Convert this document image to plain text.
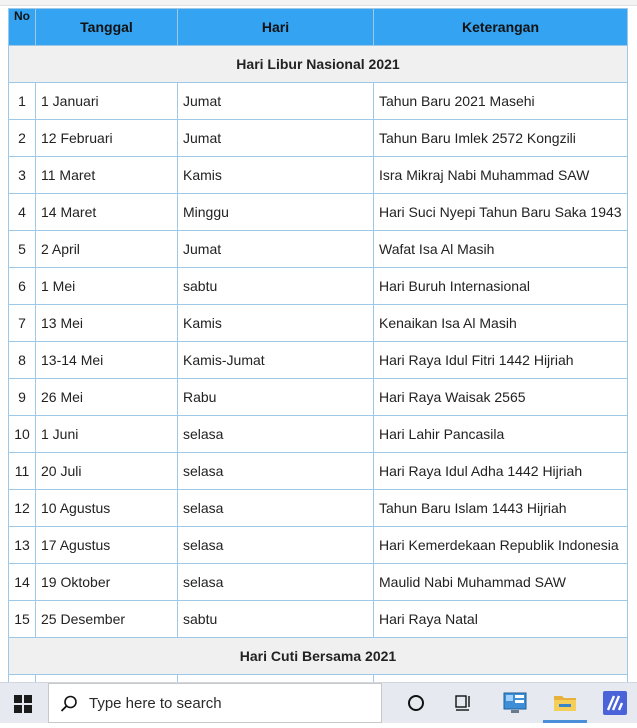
No	Tanggal	Hari	Keterangan
Hari Libur Nasional 2021			
1	1 Januari	Jumat	Tahun Baru 2021 Masehi
2	12 Februari	Jumat	Tahun Baru Imlek 2572 Kongzili
3	11 Maret	Kamis	Isra Mikraj Nabi Muhammad SAW
4	14 Maret	Minggu	Hari Suci Nyepi Tahun Baru Saka 1943
5	2 April	Jumat	Wafat Isa Al Masih
6	1 Mei	sabtu	Hari Buruh Internasional
7	13 Mei	Kamis	Kenaikan Isa Al Masih
8	13-14 Mei	Kamis-Jumat	Hari Raya Idul Fitri 1442 Hijriah
9	26 Mei	Rabu	Hari Raya Waisak 2565
10	1 Juni	selasa	Hari Lahir Pancasila
11	20 Juli	selasa	Hari Raya Idul Adha 1442 Hijriah
12	10 Agustus	selasa	Tahun Baru Islam 1443 Hijriah
13	17 Agustus	selasa	Hari Kemerdekaan Republik Indonesia
14	19 Oktober	selasa	Maulid Nabi Muhammad SAW
15	25 Desember	sabtu	Hari Raya Natal
Hari Cuti Bersama 2021			

Type here to search
